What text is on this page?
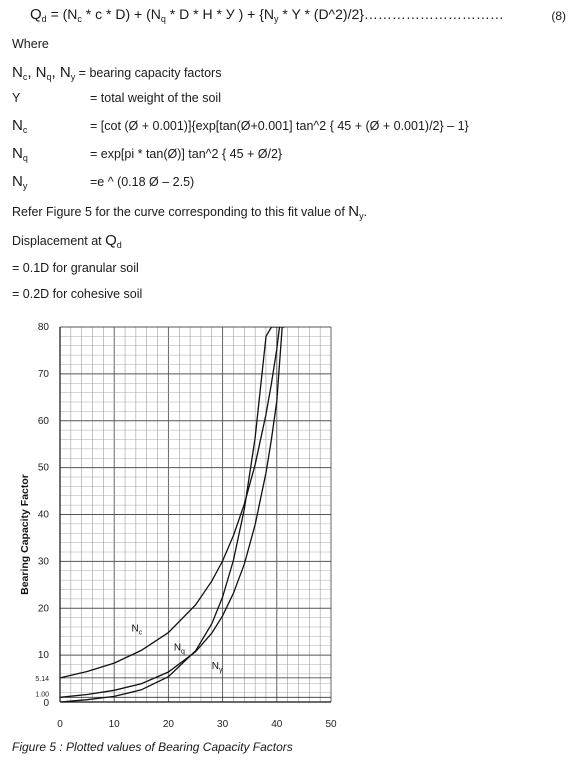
$Q_d = (N_c * c * D) + (N_q * D * H * У$ ) + {$N_y$ * Y * (D^2)/2}…………………………	(8)
Where
$N_c$, $N_q$, $N_y$ = bearing capacity factors
Y	= total weight of the soil
$N_c$	= [cot (Ø + 0.001)]{exp[tan(Ø+0.001] tan^2 { 45 + (Ø + 0.001)/2} – 1}
$N_q$	= exp[pi * tan(Ø)] tan^2 { 45 + Ø/2}
$N_y$	=e ^ (0.18 Ø – 2.5)
Refer Figure 5 for the curve corresponding to this fit value of $N_y$.
Displacement at $Q_d$
= 0.1D for granular soil
= 0.2D for cohesive soil
0	10	20	30	40	50
0
1.00
5.14
10
20
30
40
50
60
70
80
Bearing Capacity Factor
$N_c$
$N_q$
$N_\gamma$
Figure 5 : Plotted values of Bearing Capacity Factors
